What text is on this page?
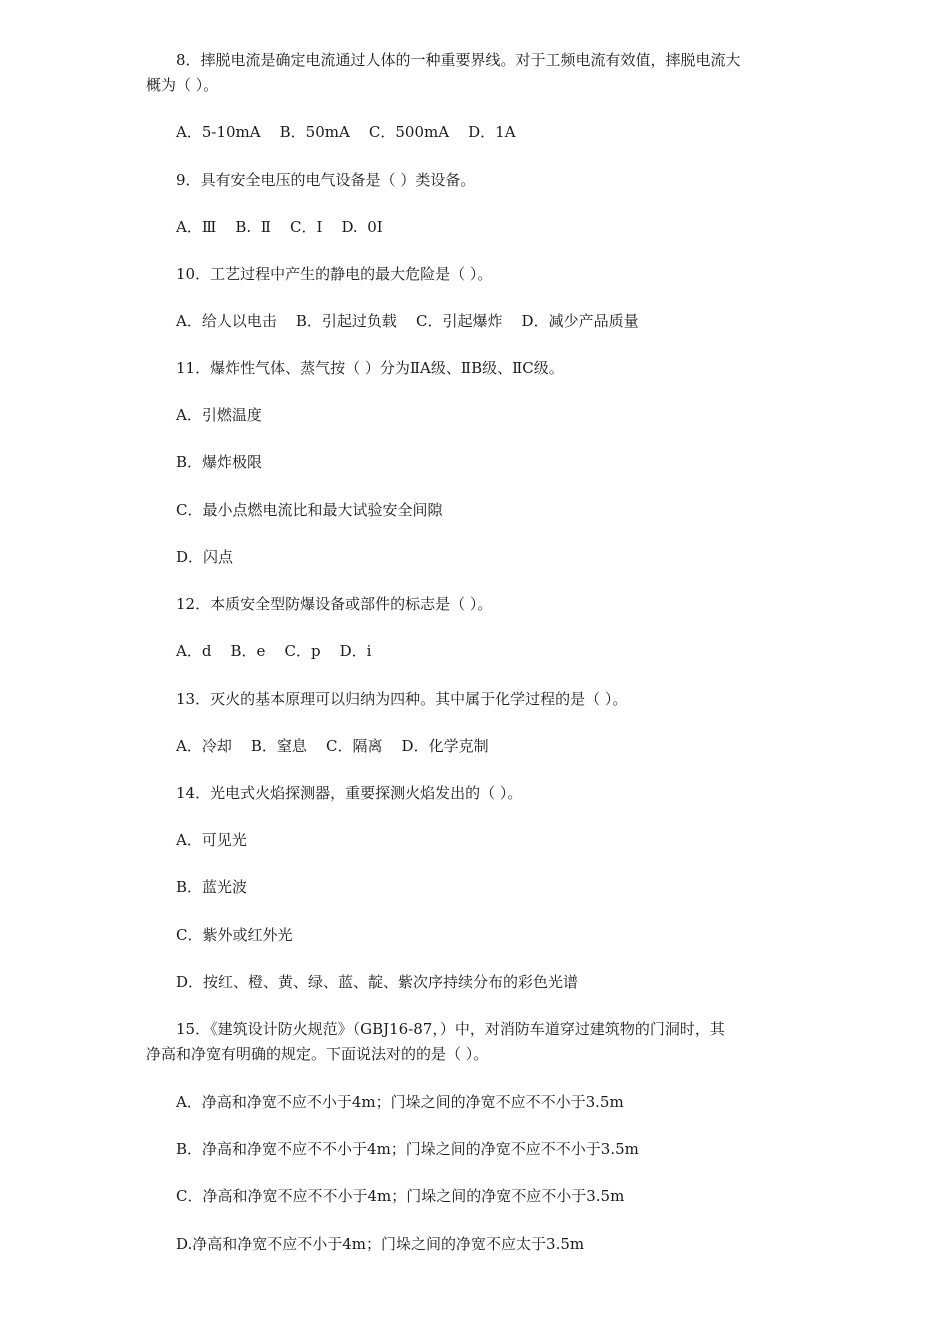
8．摔脱电流是确定电流通过人体的一种重要界线。对于工频电流有效值，摔脱电流大
概为（ ）。
A．5-10mA    B．50mA    C．500mA    D．1A
9．具有安全电压的电气设备是（ ）类设备。
A．Ⅲ    B.  Ⅱ    C．Ⅰ    D.  0Ⅰ
10．工艺过程中产生的静电的最大危险是（ ）。
A．给人以电击    B．引起过负载    C．引起爆炸    D．减少产品质量
11．爆炸性气体、蒸气按（ ）分为ⅡA级、ⅡB级、ⅡC级。
A．引燃温度
B．爆炸极限
C．最小点燃电流比和最大试验安全间隙
D．闪点
12．本质安全型防爆设备或部件的标志是（ ）。
A．d    B．e    C．p    D．i
13．灭火的基本原理可以归纳为四种。其中属于化学过程的是（ ）。
A．冷却    B．窒息    C．隔离    D．化学克制
14．光电式火焰探测器，重要探测火焰发出的（ ）。
A．可见光
B．蓝光波
C．紫外或红外光
D．按红、橙、黄、绿、蓝、靛、紫次序持续分布的彩色光谱
15．《建筑设计防火规范》（GBJ16-87，）中，对消防车道穿过建筑物的门洞时，其
净高和净宽有明确的规定。下面说法对的的是（ ）。
A．净高和净宽不应不小于4m；门垛之间的净宽不应不不小于3.5m
B．净高和净宽不应不不小于4m；门垛之间的净宽不应不不小于3.5m
C．净高和净宽不应不不小于4m；门垛之间的净宽不应不小于3.5m
D.净高和净宽不应不小于4m；门垛之间的净宽不应太于3.5m
